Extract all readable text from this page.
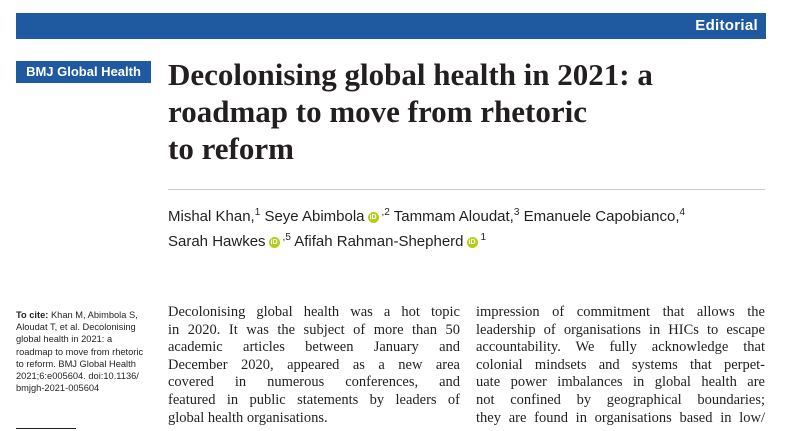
Editorial
BMJ Global Health Decolonising global health in 2021: a
roadmap to move from rhetoric
to reform
Mishal Khan,$^1$ Seye Abimbola iD $^{,2}$ Tammam Aloudat,$^3$ Emanuele Capobianco,$^4$
Sarah Hawkes iD $^{,5}$ Afifah Rahman-Shepherd iD $^1$
To cite: Khan M, Abimbola S,
Aloudat T, et al. Decolonising
global health in 2021: a
roadmap to move from rhetoric
to reform. BMJ Global Health
2021;6:e005604. doi:10.1136/
bmjgh-2021-005604
Decolonising global health was a hot topic
in 2020. It was the subject of more than 50
academic articles between January and
December 2020, appeared as a new area
covered in numerous conferences, and
featured in public statements by leaders of
global health organisations.
impression of commitment that allows the
leadership of organisations in HICs to escape
accountability. We fully acknowledge that
colonial mindsets and systems that perpet-
uate power imbalances in global health are
not confined by geographical boundaries;
they are found in organisations based in low/
